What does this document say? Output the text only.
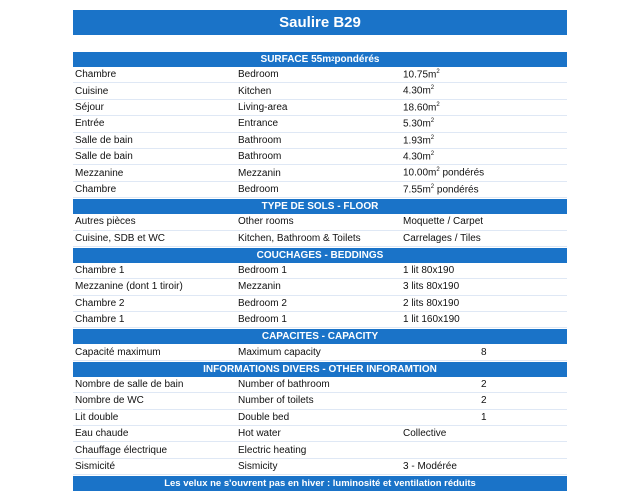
Saulire B29
SURFACE 55m 2 pondérés
Chambre	Bedroom	$10.75m^2$
Cuisine	Kitchen	$4.30m^2$
Séjour	Living-area	$18.60m^2$
Entrée	Entrance	$5.30m^2$
Salle de bain	Bathroom	$1.93m^2$
Salle de bain	Bathroom	$4.30m^2$
Mezzanine	Mezzanin	$10.00m^2$ pondérés
Chambre	Bedroom	$7.55m^2$ pondérés
TYPE DE SOLS - FLOOR
Autres pièces	Other rooms	Moquette / Carpet
Cuisine, SDB et WC	Kitchen, Bathroom & Toilets	Carrelages / Tiles
COUCHAGES - BEDDINGS
Chambre 1	Bedroom 1	1 lit 80x190
Mezzanine (dont 1 tiroir)	Mezzanin	3 lits 80x190
Chambre 2	Bedroom 2	2 lits 80x190
Chambre 1	Bedroom 1	1 lit 160x190
CAPACITES - CAPACITY
Capacité maximum	Maximum capacity	8
INFORMATIONS DIVERS - OTHER INFORAMTION
Nombre de salle de bain	Number of bathroom	2
Nombre de WC	Number of toilets	2
Lit double	Double bed	1
Eau chaude	Hot water	Collective
Chauffage électrique	Electric heating
Sismicité	Sismicity	3 - Modérée
Les velux ne s'ouvrent pas en hiver : luminosité et ventilation réduits
